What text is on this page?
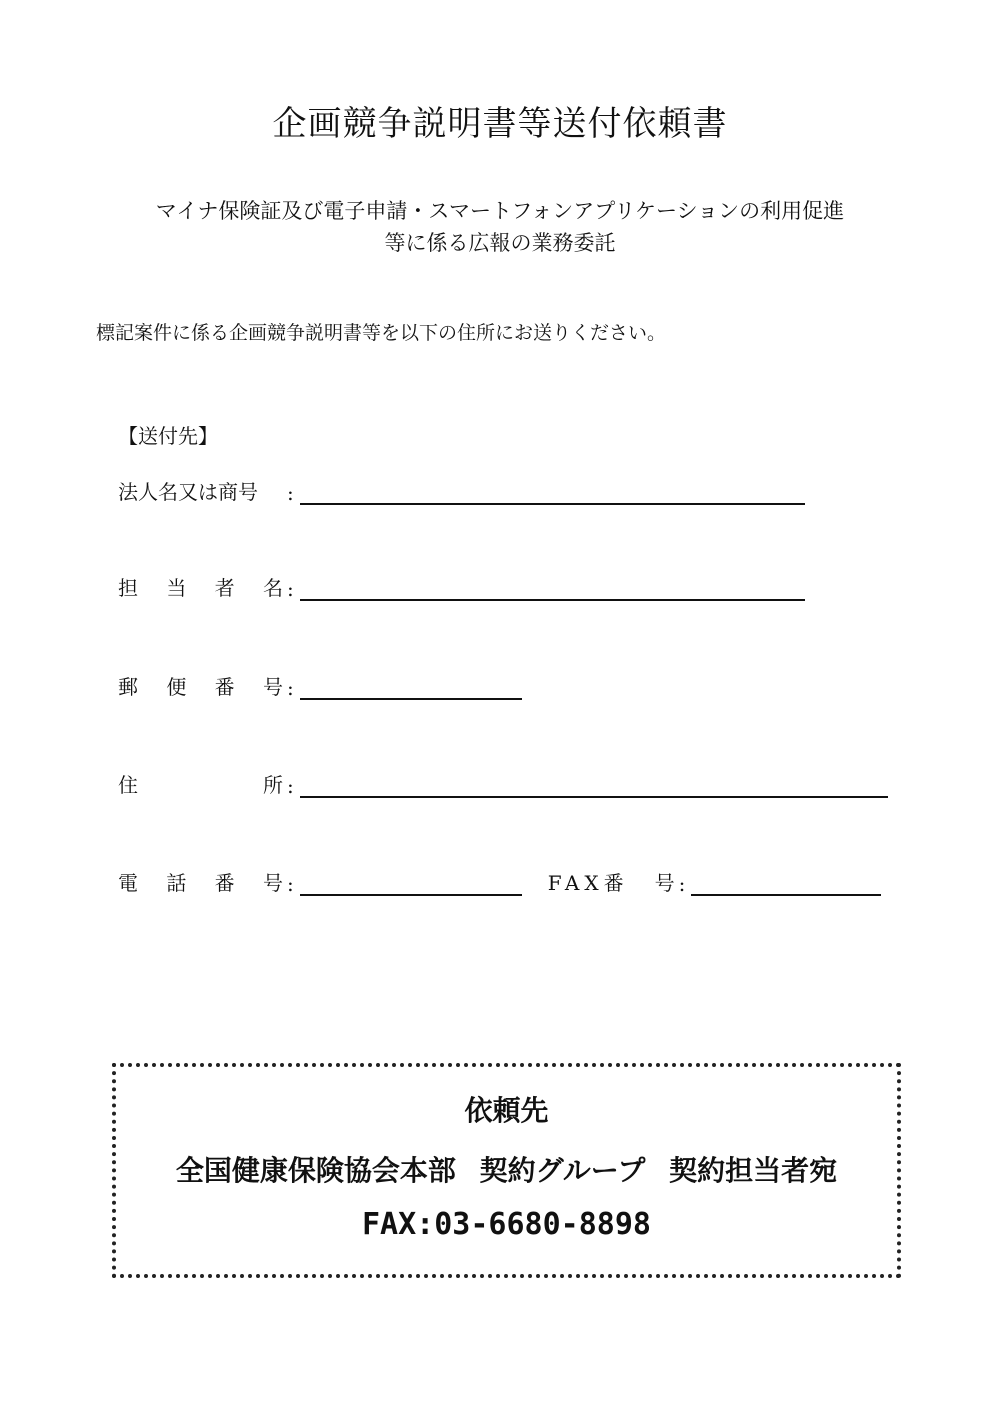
企画競争説明書等送付依頼書
マイナ保険証及び電子申請・スマートフォンアプリケーションの利用促進
等に係る広報の業務委託
標記案件に係る企画競争説明書等を以下の住所にお送りください。
【送付先】
法人名又は商号 :
担 当 者 名 :
郵 便 番 号 :
住	所 :
電 話 番 号 :	FAX番 号 :
依頼先
全国健康保険協会本部 契約グループ 契約担当者宛
FAX:03-6680-8898
